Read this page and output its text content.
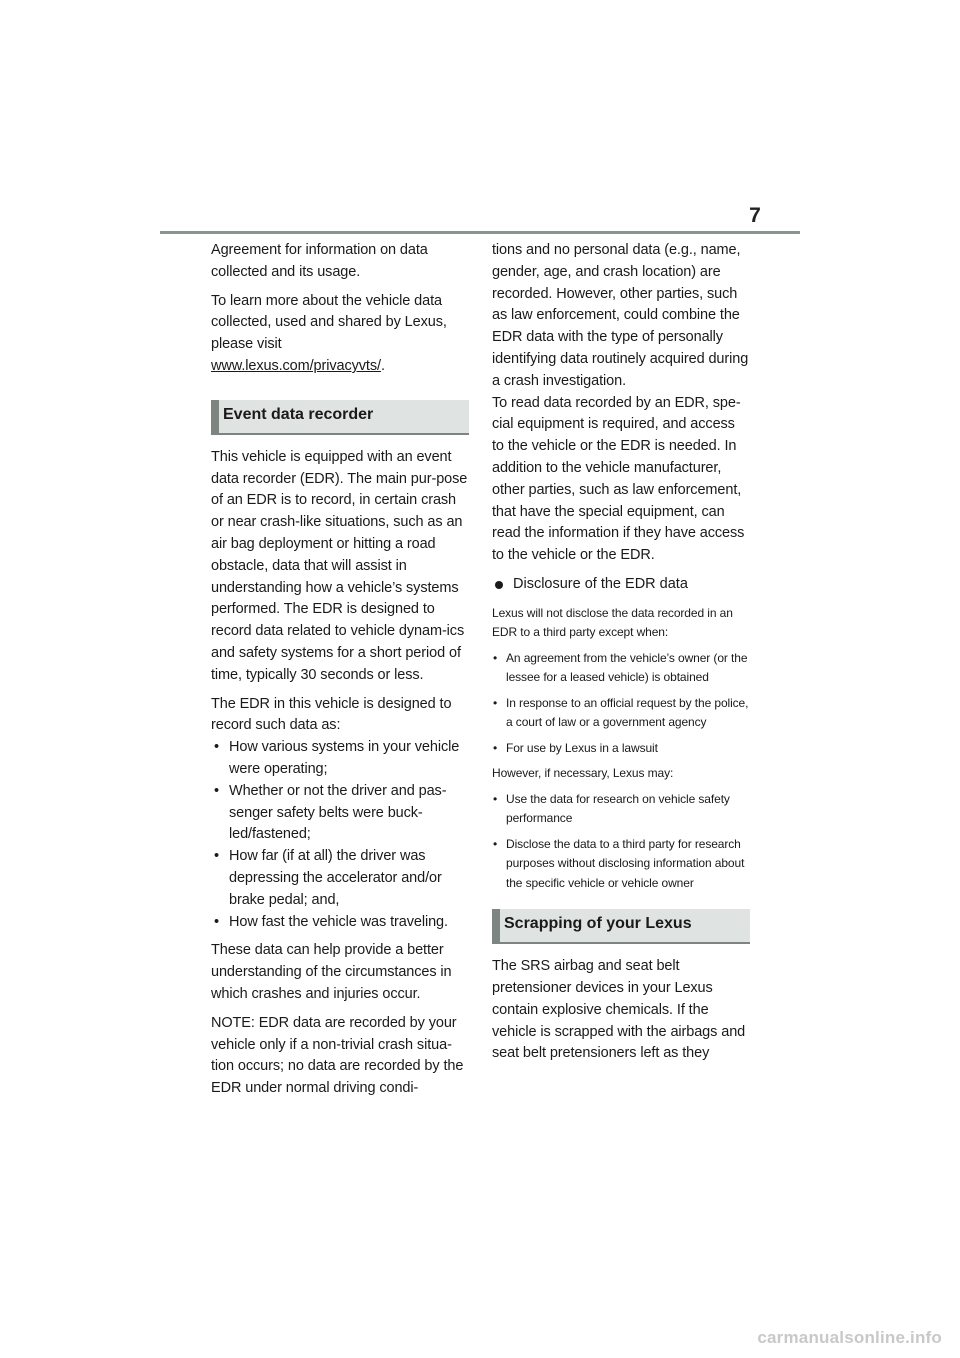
7

Agreement for information on data collected and its usage.

To learn more about the vehicle data collected, used and shared by Lexus, please visit
www.lexus.com/privacyvts/.

Event data recorder

This vehicle is equipped with an event data recorder (EDR). The main pur-pose of an EDR is to record, in certain crash or near crash-like situations, such as an air bag deployment or hitting a road obstacle, data that will assist in understanding how a vehicle’s systems performed. The EDR is designed to record data related to vehicle dynam-ics and safety systems for a short period of time, typically 30 seconds or less.

The EDR in this vehicle is designed to record such data as:

• How various systems in your vehicle were operating;
• Whether or not the driver and pas-senger safety belts were buck-led/fastened;
• How far (if at all) the driver was depressing the accelerator and/or brake pedal; and,
• How fast the vehicle was traveling.

These data can help provide a better understanding of the circumstances in which crashes and injuries occur.

NOTE: EDR data are recorded by your vehicle only if a non-trivial crash situa-tion occurs; no data are recorded by the EDR under normal driving condi-

tions and no personal data (e.g., name, gender, age, and crash location) are recorded. However, other parties, such as law enforcement, could combine the EDR data with the type of personally identifying data routinely acquired during a crash investigation.

To read data recorded by an EDR, spe-cial equipment is required, and access to the vehicle or the EDR is needed. In addition to the vehicle manufacturer, other parties, such as law enforcement, that have the special equipment, can read the information if they have access to the vehicle or the EDR.

Disclosure of the EDR data

Lexus will not disclose the data recorded in an EDR to a third party except when:

• An agreement from the vehicle’s owner (or the lessee for a leased vehicle) is obtained
• In response to an official request by the police, a court of law or a government agency
• For use by Lexus in a lawsuit

However, if necessary, Lexus may:

• Use the data for research on vehicle safety performance
• Disclose the data to a third party for research purposes without disclosing information about the specific vehicle or vehicle owner
Scrapping of your Lexus

The SRS airbag and seat belt pretensioner devices in your Lexus contain explosive chemicals. If the vehicle is scrapped with the airbags and seat belt pretensioners left as they

carmanualsonline.info
